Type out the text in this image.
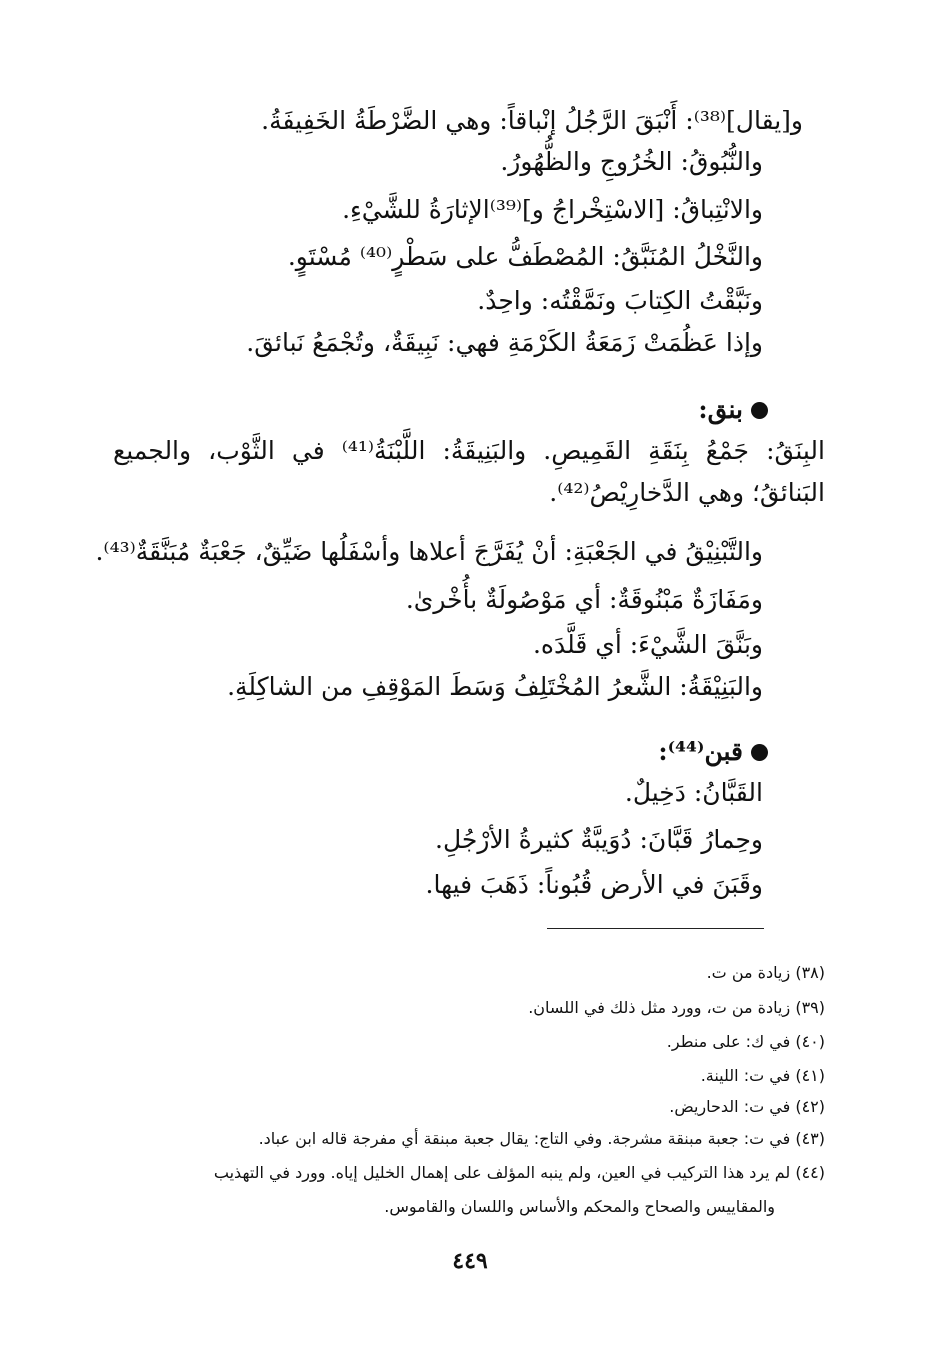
و[يقال]⁽³⁸⁾: أَنْبَقَ الرَّجُلُ إنْباقاً: وهي الضَّرْطَةُ الخَفِيفَةُ.
والنُّبُوقُ: الخُرُوجِ والظُّهُورُ.
والانْتِباقُ: [الاسْتِخْراجُ و]⁽³⁹⁾الإثارَةُ للشَّيْءِ.
والنَّخْلُ المُنَبَّقُ: المُصْطَفُّ على سَطْرٍ⁽⁴⁰⁾ مُسْتَوٍ.
ونَبَّقْتُ الكِتابَ ونَمَّقْتُه: واحِدٌ.
وإذا عَظُمَتْ زَمَعَةُ الكَرْمَةِ فهي: نَبِيقَةٌ، وتُجْمَعُ نَبائقَ.
بنق:
البِنَقُ: جَمْعُ بِنَقَةِ القَمِيصِ. والبَنِيقَةُ: اللَّبْنَةُ⁽⁴¹⁾ في الثَّوْب، والجميع
البَنائقُ؛ وهي الدَّخارِيْصُ⁽⁴²⁾.
والتَّبْنِيْقُ في الجَعْبَةِ: أنْ يُفَرَّجَ أعلاها وأسْفَلُها ضَيِّقٌ، جَعْبَةٌ مُبَنَّقَةٌ⁽⁴³⁾.
ومَفَازَةٌ مَبْنُوقَةٌ: أي مَوْصُولَةٌ بأُخْرىٰ.
وبَنَّقَ الشَّيْءَ: أي قَلَّدَه.
والبَنِيْقَةُ: الشَّعرُ المُخْتَلِفُ وَسَطَ المَوْقِفِ من الشاكِلَةِ.
قبن⁽⁴⁴⁾:
القَبَّانُ: دَخِيلٌ.
وحِمارُ قَبَّانَ: دُوَيبَّةٌ كثيرةُ الأرْجُلِ.
وقَبَنَ في الأرض قُبُوناً: ذَهَبَ فيها.
(٣٨) زيادة من ت.
(٣٩) زيادة من ت، وورد مثل ذلك في اللسان.
(٤٠) في ك: على منطر.
(٤١) في ت: اللينة.
(٤٢) في ت: الدحاريض.
(٤٣) في ت: جعبة مبنقة مشرجة. وفي التاج: يقال جعبة مبنقة أي مفرجة قاله ابن عباد.
(٤٤) لم يرد هذا التركيب في العين، ولم ينبه المؤلف على إهمال الخليل إياه. وورد في التهذيب
والمقاييس والصحاح والمحكم والأساس واللسان والقاموس.
٤٤٩
